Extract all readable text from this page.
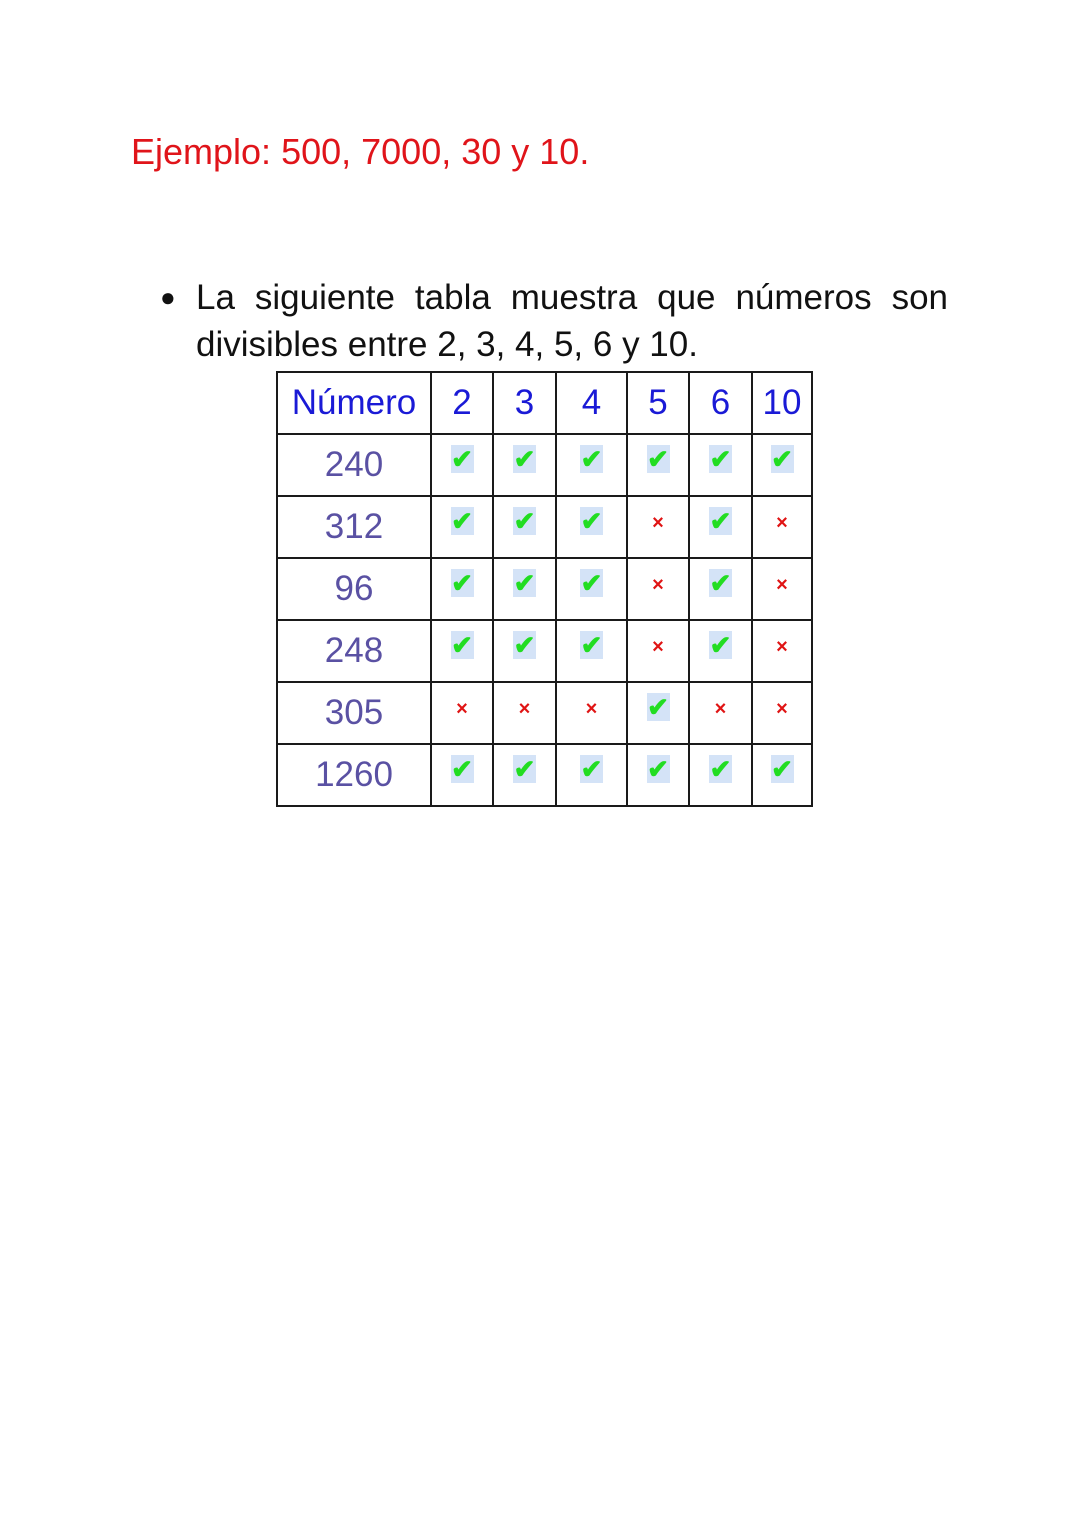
Ejemplo: 500, 7000, 30 y 10.
● La siguiente tabla muestra que números son
divisibles entre 2, 3, 4, 5, 6 y 10.
Número	2	3	4	5	6	10
240	✔	✔	✔	✔	✔	✔
312	✔	✔	✔	×	✔	×
96	✔	✔	✔	×	✔	×
248	✔	✔	✔	×	✔	×
305	×	×	×	✔	×	×
1260	✔	✔	✔	✔	✔	✔
